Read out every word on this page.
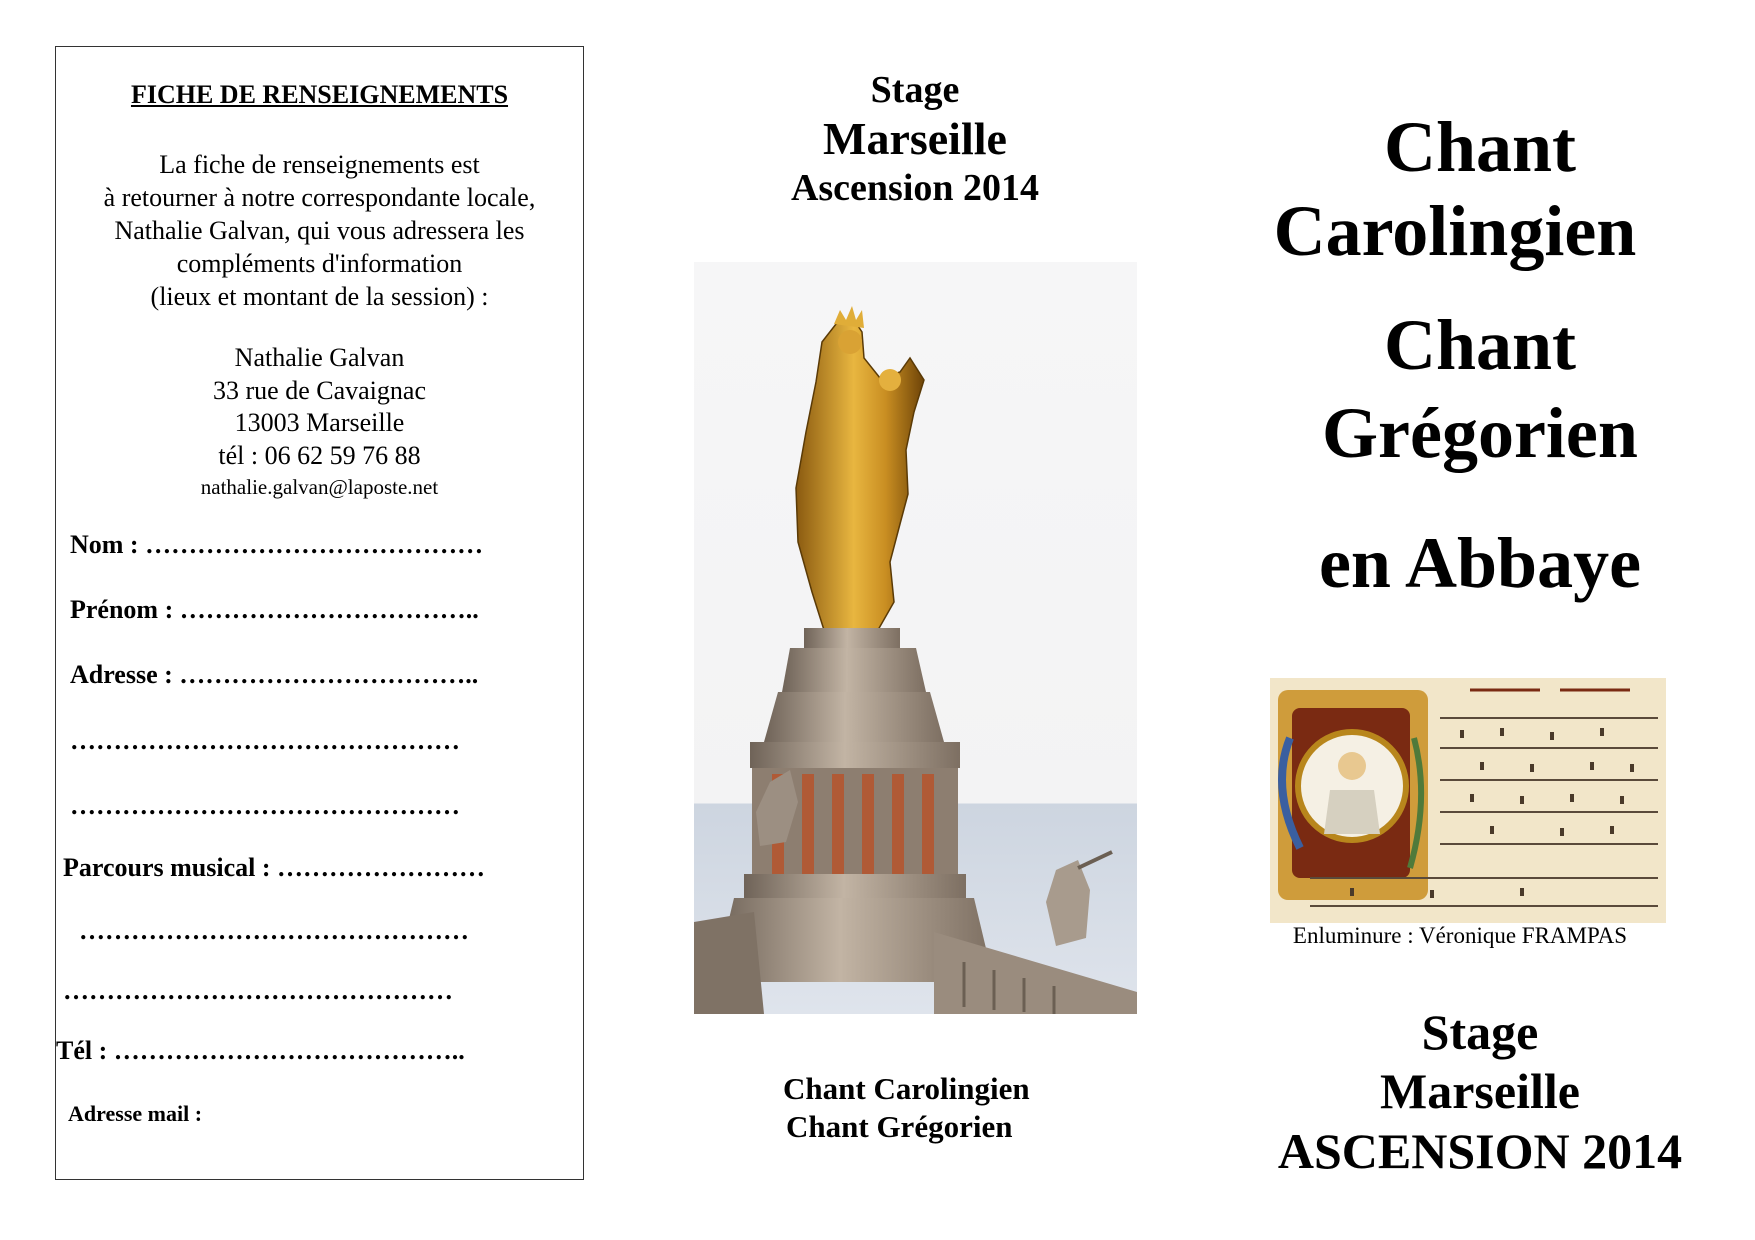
FICHE DE RENSEIGNEMENTS
La fiche de renseignements est
à retourner à notre correspondante locale,
Nathalie Galvan, qui vous adressera les
compléments d'information
(lieux et montant de la session) :
Nathalie Galvan
33 rue de Cavaignac
13003 Marseille
tél : 06 62 59 76 88
nathalie.galvan@laposte.net
Nom : …………………………………
Prénom : ……………………………..
Adresse : ……………………………..
………………………………………
………………………………………
Parcours musical : ……………………
………………………………………
………………………………………
Tél : …………………………………..
Adresse mail :
Stage
Marseille
Ascension 2014
Chant Carolingien
Chant Grégorien
Chant
Carolingien
Chant
Grégorien
en Abbaye
Enluminure : Véronique FRAMPAS
Stage
Marseille
ASCENSION 2014
